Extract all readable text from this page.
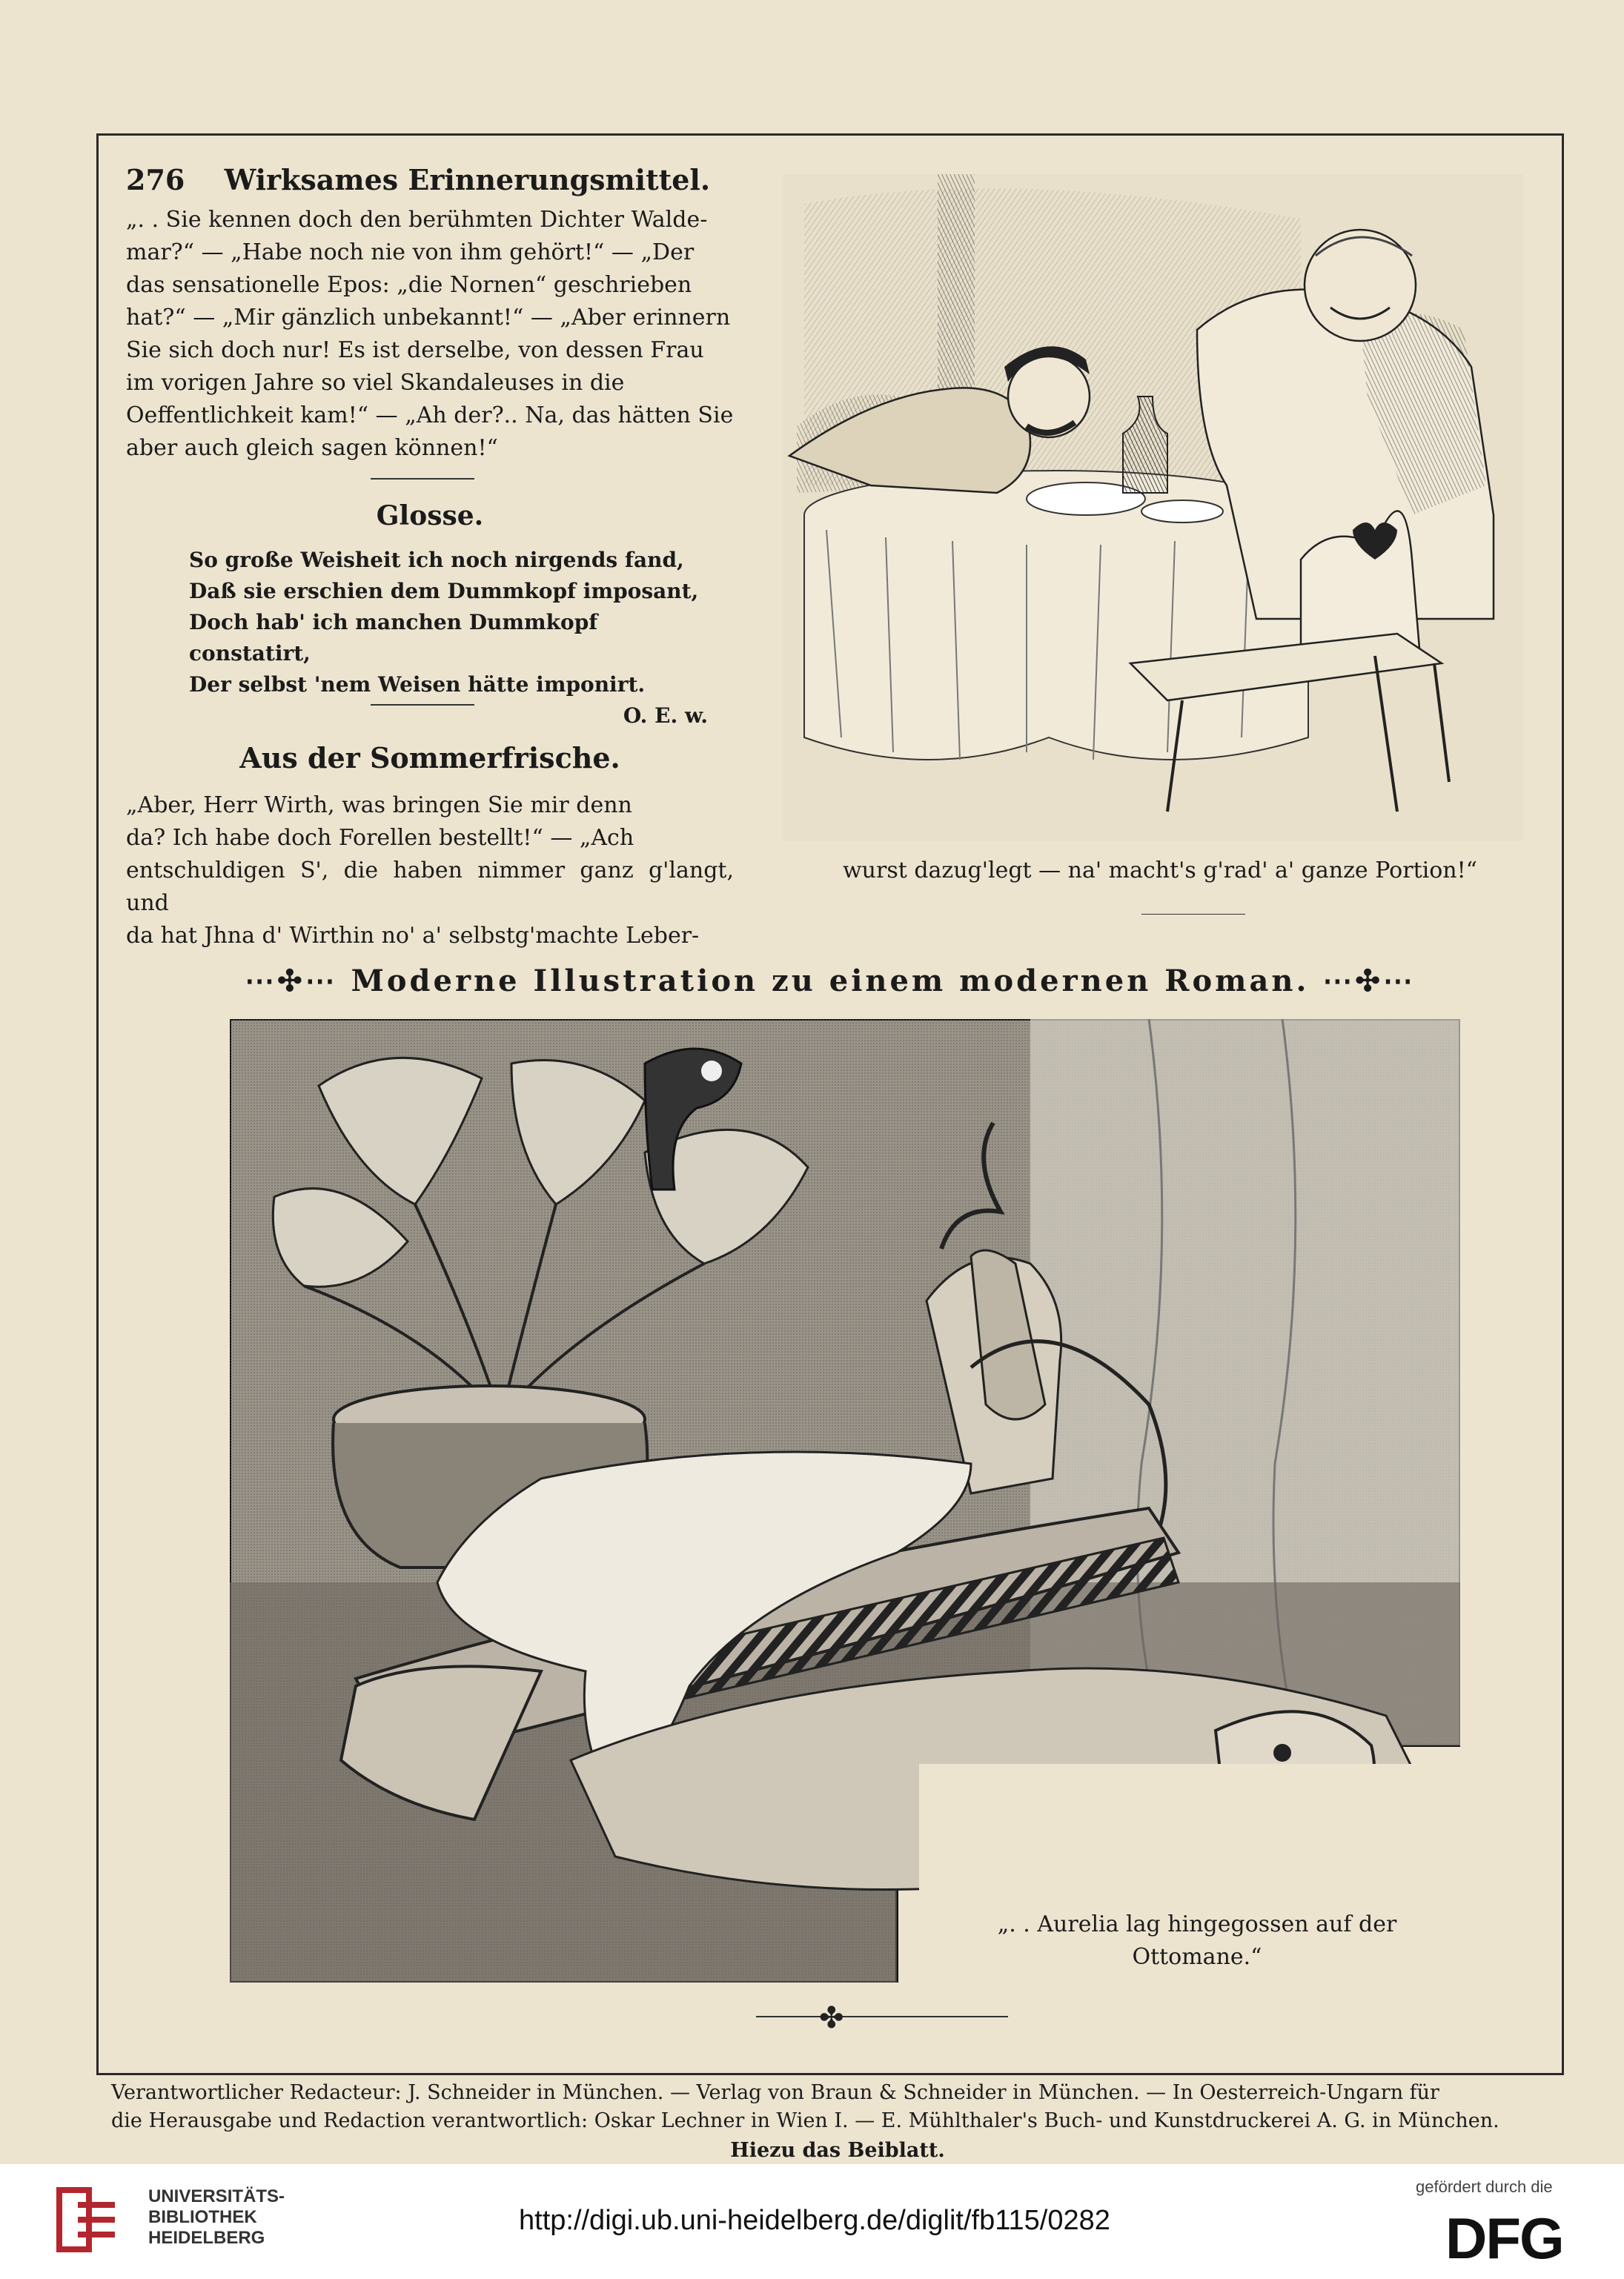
276 Wirksames Erinnerungsmittel.
„. . Sie kennen doch den berühmten Dichter Walde-
mar?“ — „Habe noch nie von ihm gehört!“ — „Der
das sensationelle Epos: „die Nornen“ geschrieben
hat?“ — „Mir gänzlich unbekannt!“ — „Aber erinnern
Sie sich doch nur! Es ist derselbe, von dessen Frau
im vorigen Jahre so viel Skandaleuses in die
Oeffentlichkeit kam!“ — „Ah der?.. Na, das hätten Sie
aber auch gleich sagen können!“
Glosse.
So große Weisheit ich noch nirgends fand,
Daß sie erschien dem Dummkopf imposant,
Doch hab' ich manchen Dummkopf constatirt,
Der selbst 'nem Weisen hätte imponirt.
O. E. w.
Aus der Sommerfrische.
„Aber, Herr Wirth, was bringen Sie mir denn
da? Ich habe doch Forellen bestellt!“ — „Ach
entschuldigen S', die haben nimmer ganz g'langt, und
da hat Jhna d' Wirthin no' a' selbstg'machte Leber-
wurst dazug'legt — na' macht's g'rad' a' ganze Portion!“
⋯✣⋯ Moderne Illustration zu einem modernen Roman. ⋯✣⋯
„. . Aurelia lag hingegossen auf der Ottomane.“
✤
Verantwortlicher Redacteur: J. Schneider in München. — Verlag von Braun & Schneider in München. — In Oesterreich-Ungarn für
die Herausgabe und Redaction verantwortlich: Oskar Lechner in Wien I. — E. Mühlthaler's Buch- und Kunstdruckerei A. G. in München.
Hiezu das Beiblatt.
UNIVERSITÄTS-
BIBLIOTHEK
HEIDELBERG
http://digi.ub.uni-heidelberg.de/diglit/fb115/0282
gefördert durch die
DFG
